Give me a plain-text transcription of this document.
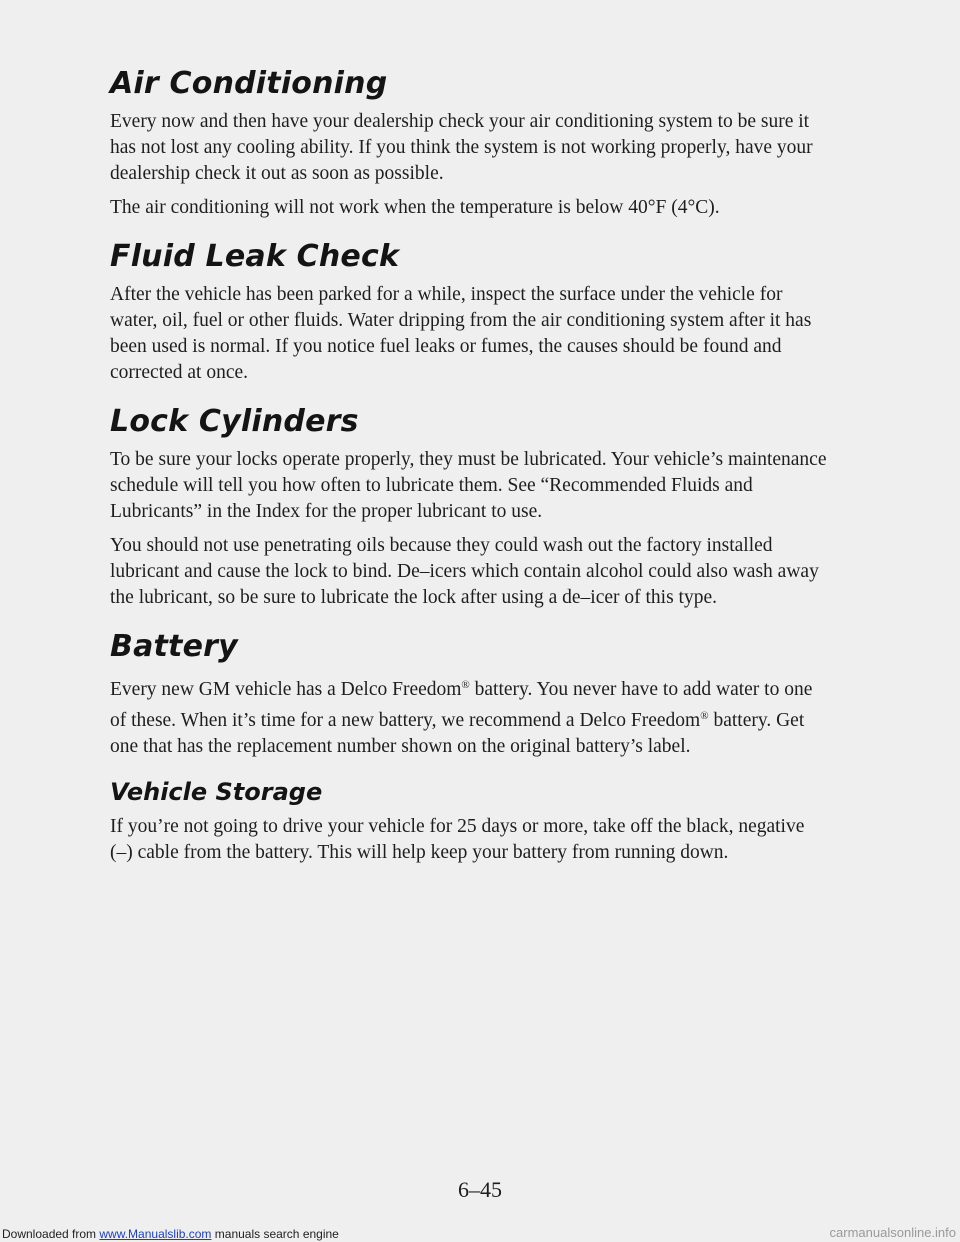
Air Conditioning

Every now and then have your dealership check your air conditioning system to be sure it has not lost any cooling ability. If you think the system is not working properly, have your dealership check it out as soon as possible.

The air conditioning will not work when the temperature is below 40°F (4°C).

Fluid Leak Check

After the vehicle has been parked for a while, inspect the surface under the vehicle for water, oil, fuel or other fluids. Water dripping from the air conditioning system after it has been used is normal. If you notice fuel leaks or fumes, the causes should be found and corrected at once.

Lock Cylinders

To be sure your locks operate properly, they must be lubricated. Your vehicle’s maintenance schedule will tell you how often to lubricate them. See “Recommended Fluids and Lubricants” in the Index for the proper lubricant to use.

You should not use penetrating oils because they could wash out the factory installed lubricant and cause the lock to bind. De–icers which contain alcohol could also wash away the lubricant, so be sure to lubricate the lock after using a de–icer of this type.

Battery

Every new GM vehicle has a Delco Freedom® battery. You never have to add water to one of these. When it’s time for a new battery, we recommend a Delco Freedom® battery. Get one that has the replacement number shown on the original battery’s label.

Vehicle Storage

If you’re not going to drive your vehicle for 25 days or more, take off the black, negative (–) cable from the battery. This will help keep your battery from running down.

6–45
Downloaded from www.Manualslib.com manuals search engine	carmanualsonline.info
